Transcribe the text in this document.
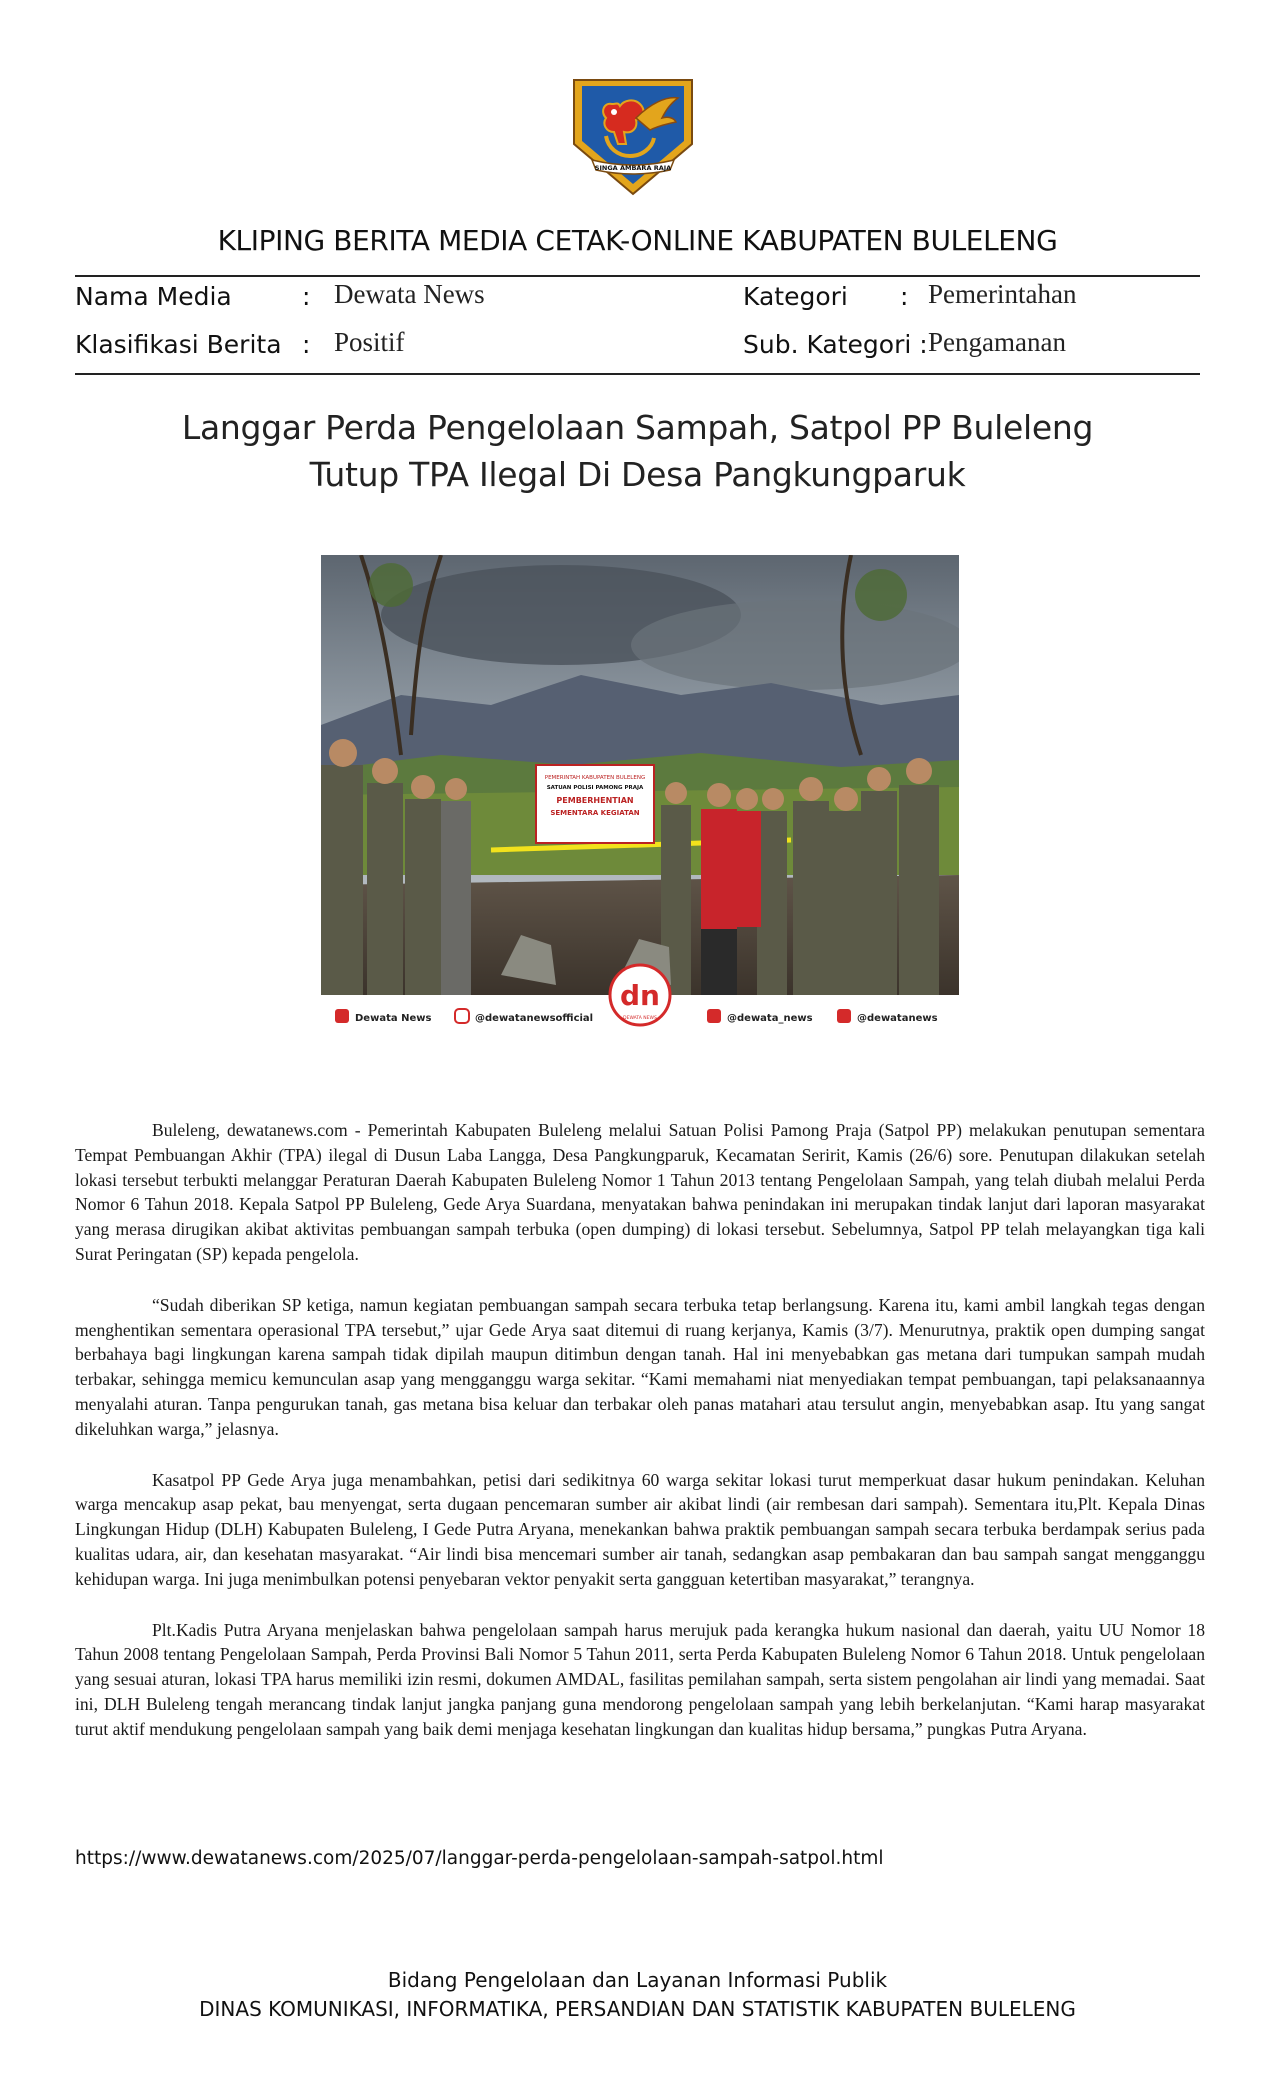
SINGA AMBARA RAJA
KLIPING BERITA MEDIA CETAK-ONLINE KABUPATEN BULELENG
Nama Media	: Dewata News	Kategori : Pemerintahan
Klasifikasi Berita : Positif	Sub. Kategori : Pengamanan
Langgar Perda Pengelolaan Sampah, Satpol PP Buleleng
Tutup TPA Ilegal Di Desa Pangkungparuk
PEMERINTAH KABUPATEN BULELENG
SATUAN POLISI PAMONG PRAJA
PEMBERHENTIAN
SEMENTARA KEGIATAN
Dewata News	@dewatanewsofficial
dn
DEWATA NEWS	@dewata_news	@dewatanews

Buleleng, dewatanews.com - Pemerintah Kabupaten Buleleng melalui Satuan Polisi Pamong Praja (Satpol PP) melakukan penutupan sementara Tempat Pembuangan Akhir (TPA) ilegal di Dusun Laba Langga, Desa Pangkungparuk, Kecamatan Seririt, Kamis (26/6) sore. Penutupan dilakukan setelah lokasi tersebut terbukti melanggar Peraturan Daerah Kabupaten Buleleng Nomor 1 Tahun 2013 tentang Pengelolaan Sampah, yang telah diubah melalui Perda Nomor 6 Tahun 2018. Kepala Satpol PP Buleleng, Gede Arya Suardana, menyatakan bahwa penindakan ini merupakan tindak lanjut dari laporan masyarakat yang merasa dirugikan akibat aktivitas pembuangan sampah terbuka (open dumping) di lokasi tersebut. Sebelumnya, Satpol PP telah melayangkan tiga kali Surat Peringatan (SP) kepada pengelola.

“Sudah diberikan SP ketiga, namun kegiatan pembuangan sampah secara terbuka tetap berlangsung. Karena itu, kami ambil langkah tegas dengan menghentikan sementara operasional TPA tersebut,” ujar Gede Arya saat ditemui di ruang kerjanya, Kamis (3/7). Menurutnya, praktik open dumping sangat berbahaya bagi lingkungan karena sampah tidak dipilah maupun ditimbun dengan tanah. Hal ini menyebabkan gas metana dari tumpukan sampah mudah terbakar, sehingga memicu kemunculan asap yang mengganggu warga sekitar. “Kami memahami niat menyediakan tempat pembuangan, tapi pelaksanaannya menyalahi aturan. Tanpa pengurukan tanah, gas metana bisa keluar dan terbakar oleh panas matahari atau tersulut angin, menyebabkan asap. Itu yang sangat dikeluhkan warga,” jelasnya.

Kasatpol PP Gede Arya juga menambahkan, petisi dari sedikitnya 60 warga sekitar lokasi turut memperkuat dasar hukum penindakan. Keluhan warga mencakup asap pekat, bau menyengat, serta dugaan pencemaran sumber air akibat lindi (air rembesan dari sampah). Sementara itu,Plt. Kepala Dinas Lingkungan Hidup (DLH) Kabupaten Buleleng, I Gede Putra Aryana, menekankan bahwa praktik pembuangan sampah secara terbuka berdampak serius pada kualitas udara, air, dan kesehatan masyarakat. “Air lindi bisa mencemari sumber air tanah, sedangkan asap pembakaran dan bau sampah sangat mengganggu kehidupan warga. Ini juga menimbulkan potensi penyebaran vektor penyakit serta gangguan ketertiban masyarakat,” terangnya.

Plt.Kadis Putra Aryana menjelaskan bahwa pengelolaan sampah harus merujuk pada kerangka hukum nasional dan daerah, yaitu UU Nomor 18 Tahun 2008 tentang Pengelolaan Sampah, Perda Provinsi Bali Nomor 5 Tahun 2011, serta Perda Kabupaten Buleleng Nomor 6 Tahun 2018. Untuk pengelolaan yang sesuai aturan, lokasi TPA harus memiliki izin resmi, dokumen AMDAL, fasilitas pemilahan sampah, serta sistem pengolahan air lindi yang memadai. Saat ini, DLH Buleleng tengah merancang tindak lanjut jangka panjang guna mendorong pengelolaan sampah yang lebih berkelanjutan. “Kami harap masyarakat turut aktif mendukung pengelolaan sampah yang baik demi menjaga kesehatan lingkungan dan kualitas hidup bersama,” pungkas Putra Aryana.

https://www.dewatanews.com/2025/07/langgar-perda-pengelolaan-sampah-satpol.html
Bidang Pengelolaan dan Layanan Informasi Publik
DINAS KOMUNIKASI, INFORMATIKA, PERSANDIAN DAN STATISTIK KABUPATEN BULELENG
